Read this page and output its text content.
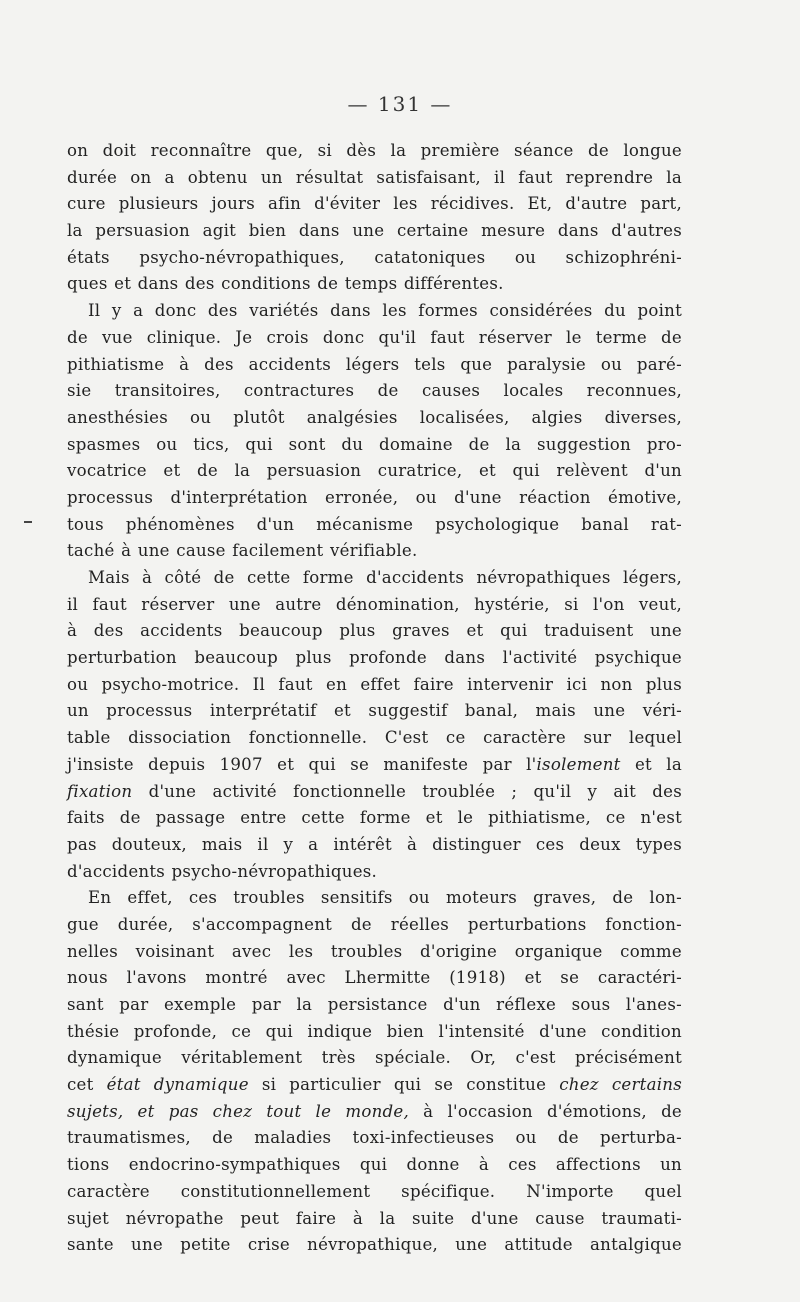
— 131 —
on doit reconnaître que, si dès la première séance de longue
durée on a obtenu un résultat satisfaisant, il faut reprendre la
cure plusieurs jours afin d'éviter les récidives. Et, d'autre part,
la persuasion agit bien dans une certaine mesure dans d'autres
états psycho-névropathiques, catatoniques ou schizophréni-
ques et dans des conditions de temps différentes.
Il y a donc des variétés dans les formes considérées du point
de vue clinique. Je crois donc qu'il faut réserver le terme de
pithiatisme à des accidents légers tels que paralysie ou paré-
sie transitoires, contractures de causes locales reconnues,
anesthésies ou plutôt analgésies localisées, algies diverses,
spasmes ou tics, qui sont du domaine de la suggestion pro-
vocatrice et de la persuasion curatrice, et qui relèvent d'un
processus d'interprétation erronée, ou d'une réaction émotive,
tous phénomènes d'un mécanisme psychologique banal rat-
taché à une cause facilement vérifiable.
Mais à côté de cette forme d'accidents névropathiques légers,
il faut réserver une autre dénomination, hystérie, si l'on veut,
à des accidents beaucoup plus graves et qui traduisent une
perturbation beaucoup plus profonde dans l'activité psychique
ou psycho-motrice. Il faut en effet faire intervenir ici non plus
un processus interprétatif et suggestif banal, mais une véri-
table dissociation fonctionnelle. C'est ce caractère sur lequel
j'insiste depuis 1907 et qui se manifeste par l'isolement et la
fixation d'une activité fonctionnelle troublée ; qu'il y ait des
faits de passage entre cette forme et le pithiatisme, ce n'est
pas douteux, mais il y a intérêt à distinguer ces deux types
d'accidents psycho-névropathiques.
En effet, ces troubles sensitifs ou moteurs graves, de lon-
gue durée, s'accompagnent de réelles perturbations fonction-
nelles voisinant avec les troubles d'origine organique comme
nous l'avons montré avec Lhermitte (1918) et se caractéri-
sant par exemple par la persistance d'un réflexe sous l'anes-
thésie profonde, ce qui indique bien l'intensité d'une condition
dynamique véritablement très spéciale. Or, c'est précisément
cet état dynamique si particulier qui se constitue chez certains
sujets, et pas chez tout le monde, à l'occasion d'émotions, de
traumatismes, de maladies toxi-infectieuses ou de perturba-
tions endocrino-sympathiques qui donne à ces affections un
caractère constitutionnellement spécifique. N'importe quel
sujet névropathe peut faire à la suite d'une cause traumati-
sante une petite crise névropathique, une attitude antalgique
